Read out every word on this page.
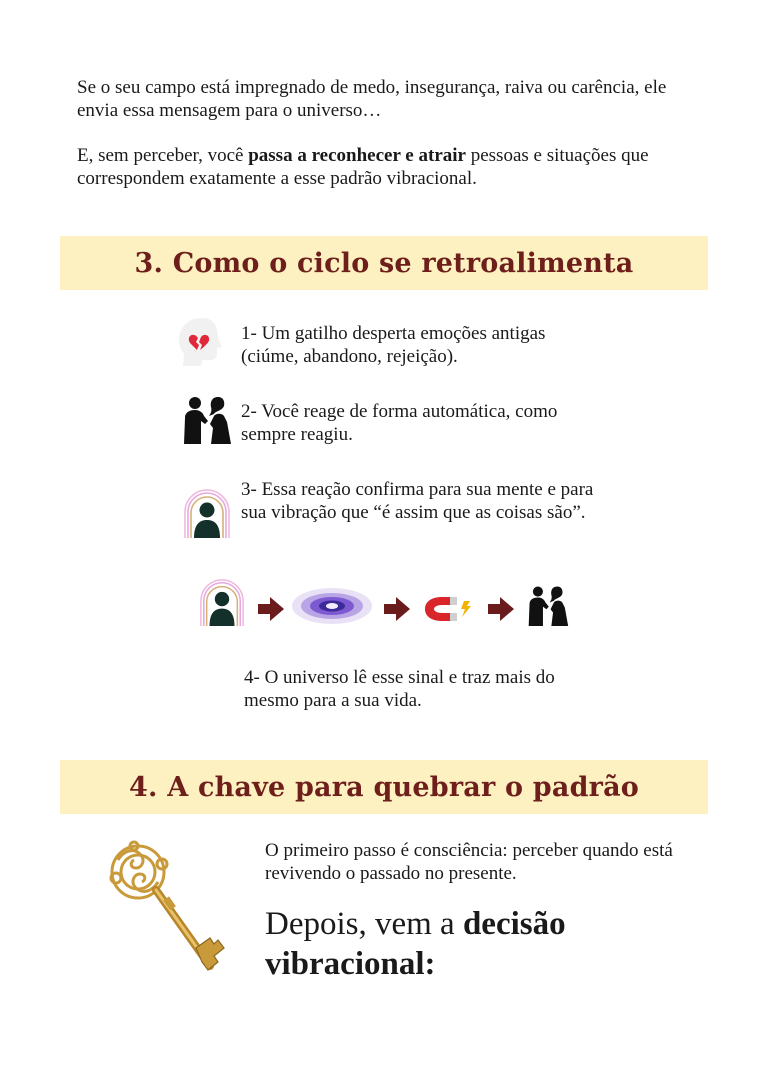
Se o seu campo está impregnado de medo, insegurança, raiva ou carência, ele envia essa mensagem para o universo…
E, sem perceber, você passa a reconhecer e atrair pessoas e situações que correspondem exatamente a esse padrão vibracional.
3. Como o ciclo se retroalimenta
1- Um gatilho desperta emoções antigas (ciúme, abandono, rejeição).
2- Você reage de forma automática, como sempre reagiu.
3- Essa reação confirma para sua mente e para sua vibração que “é assim que as coisas são”.
4- O universo lê esse sinal e traz mais do mesmo para a sua vida.
4. A chave para quebrar o padrão
O primeiro passo é consciência: perceber quando está revivendo o passado no presente.
Depois, vem a decisão
vibracional:
